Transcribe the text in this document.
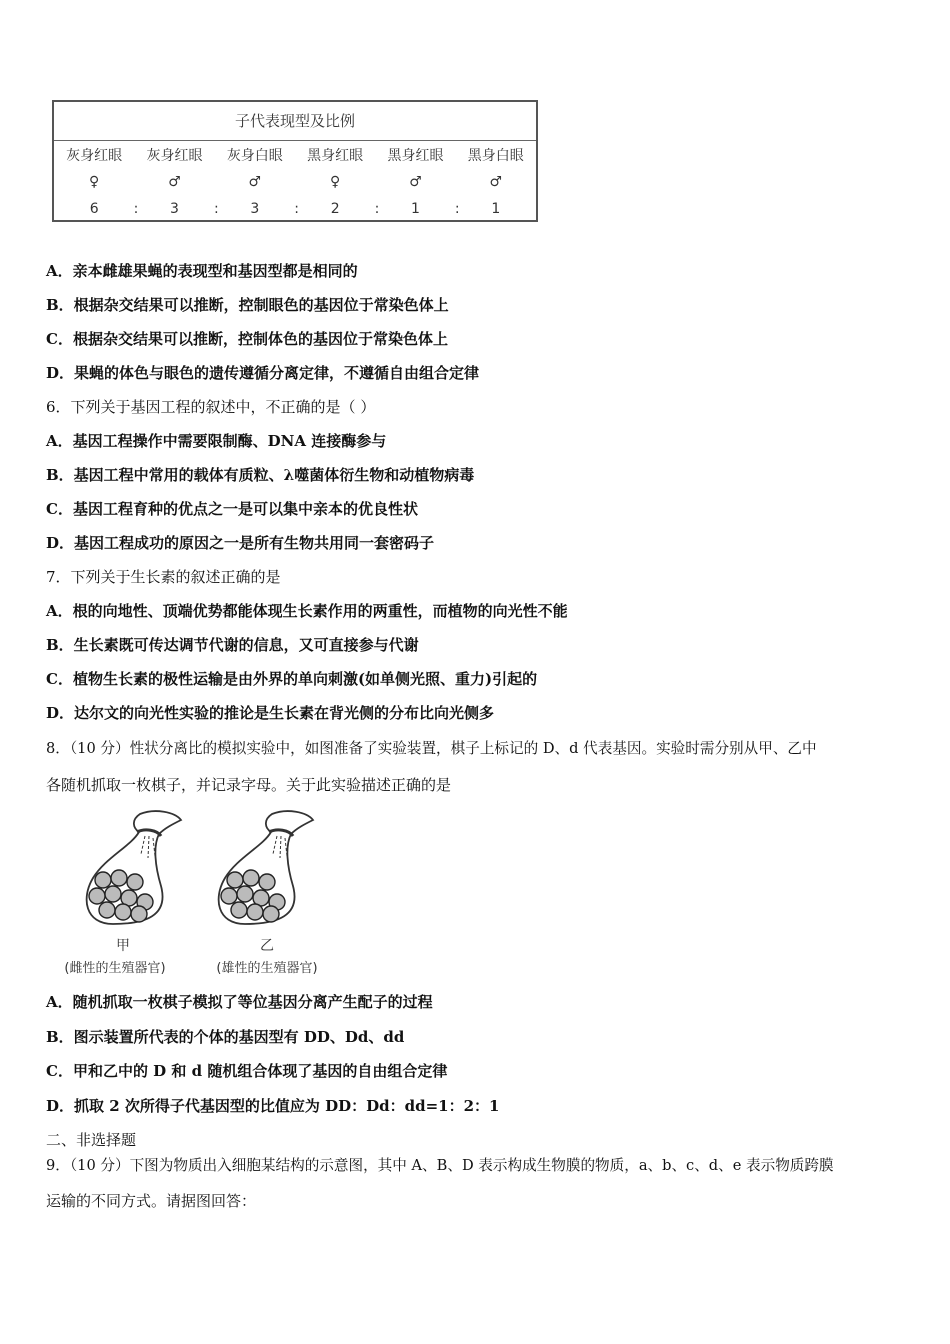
子代表现型及比例
灰身红眼	灰身红眼	灰身白眼	黑身红眼	黑身红眼	黑身白眼
♀	♂	♂	♀	♂	♂
6 :	3 :	3 :	2 :	1 :	1
A．亲本雌雄果蝇的表现型和基因型都是相同的
B．根据杂交结果可以推断，控制眼色的基因位于常染色体上
C．根据杂交结果可以推断，控制体色的基因位于常染色体上
D．果蝇的体色与眼色的遗传遵循分离定律，不遵循自由组合定律
6．下列关于基因工程的叙述中，不正确的是（ ）
A．基因工程操作中需要限制酶、DNA 连接酶参与
B．基因工程中常用的载体有质粒、λ噬菌体衍生物和动植物病毒
C．基因工程育种的优点之一是可以集中亲本的优良性状
D．基因工程成功的原因之一是所有生物共用同一套密码子
7．下列关于生长素的叙述正确的是
A．根的向地性、顶端优势都能体现生长素作用的两重性，而植物的向光性不能
B．生长素既可传达调节代谢的信息，又可直接参与代谢
C．植物生长素的极性运输是由外界的单向刺激(如单侧光照、重力)引起的
D．达尔文的向光性实验的推论是生长素在背光侧的分布比向光侧多
8．（10 分）性状分离比的模拟实验中，如图准备了实验装置，棋子上标记的 D、d 代表基因。实验时需分别从甲、乙中
各随机抓取一枚棋子，并记录字母。关于此实验描述正确的是
甲
(雌性的生殖器官)
乙
(雄性的生殖器官)
A．随机抓取一枚棋子模拟了等位基因分离产生配子的过程
B．图示装置所代表的个体的基因型有 DD、Dd、dd
C．甲和乙中的 D 和 d 随机组合体现了基因的自由组合定律
D．抓取 2 次所得子代基因型的比值应为 DD：Dd：dd=1：2：1
二、非选择题
9．（10 分）下图为物质出入细胞某结构的示意图，其中 A、B、D 表示构成生物膜的物质，a、b、c、d、e 表示物质跨膜
运输的不同方式。请据图回答：
